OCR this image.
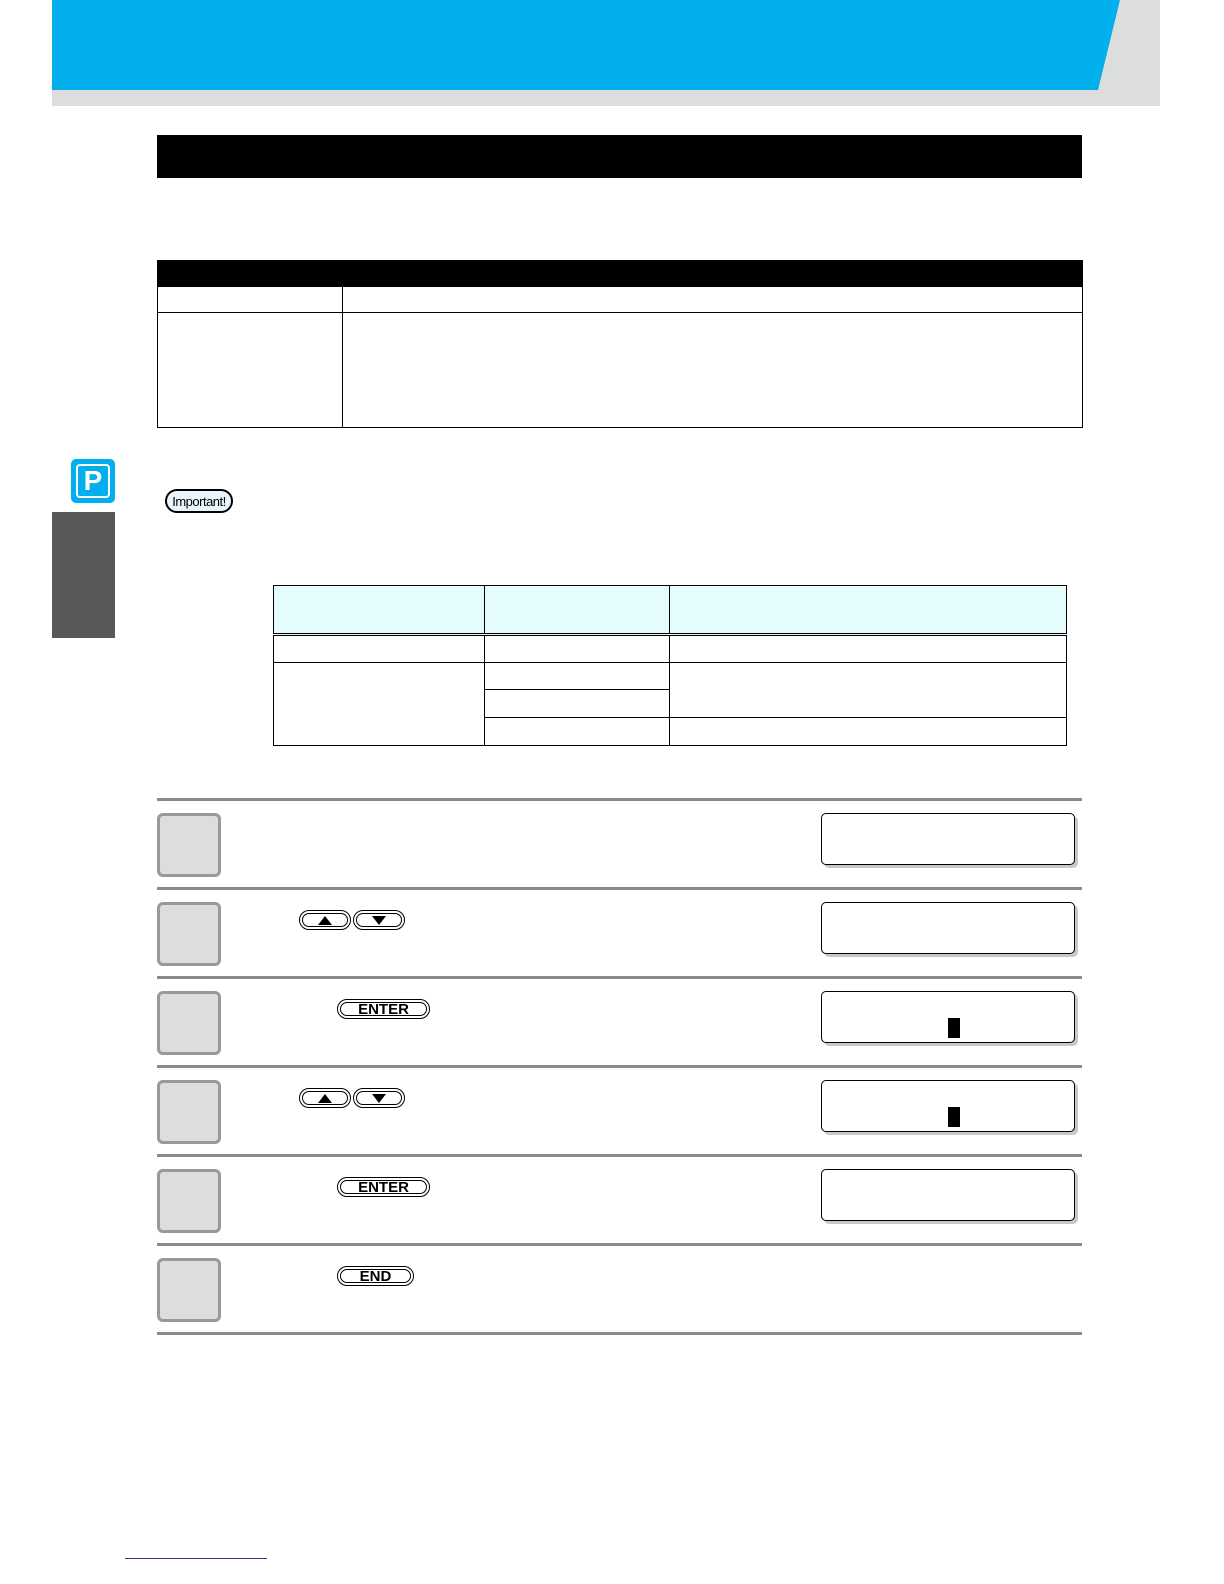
P

Important!

ENTER
ENTER
END
